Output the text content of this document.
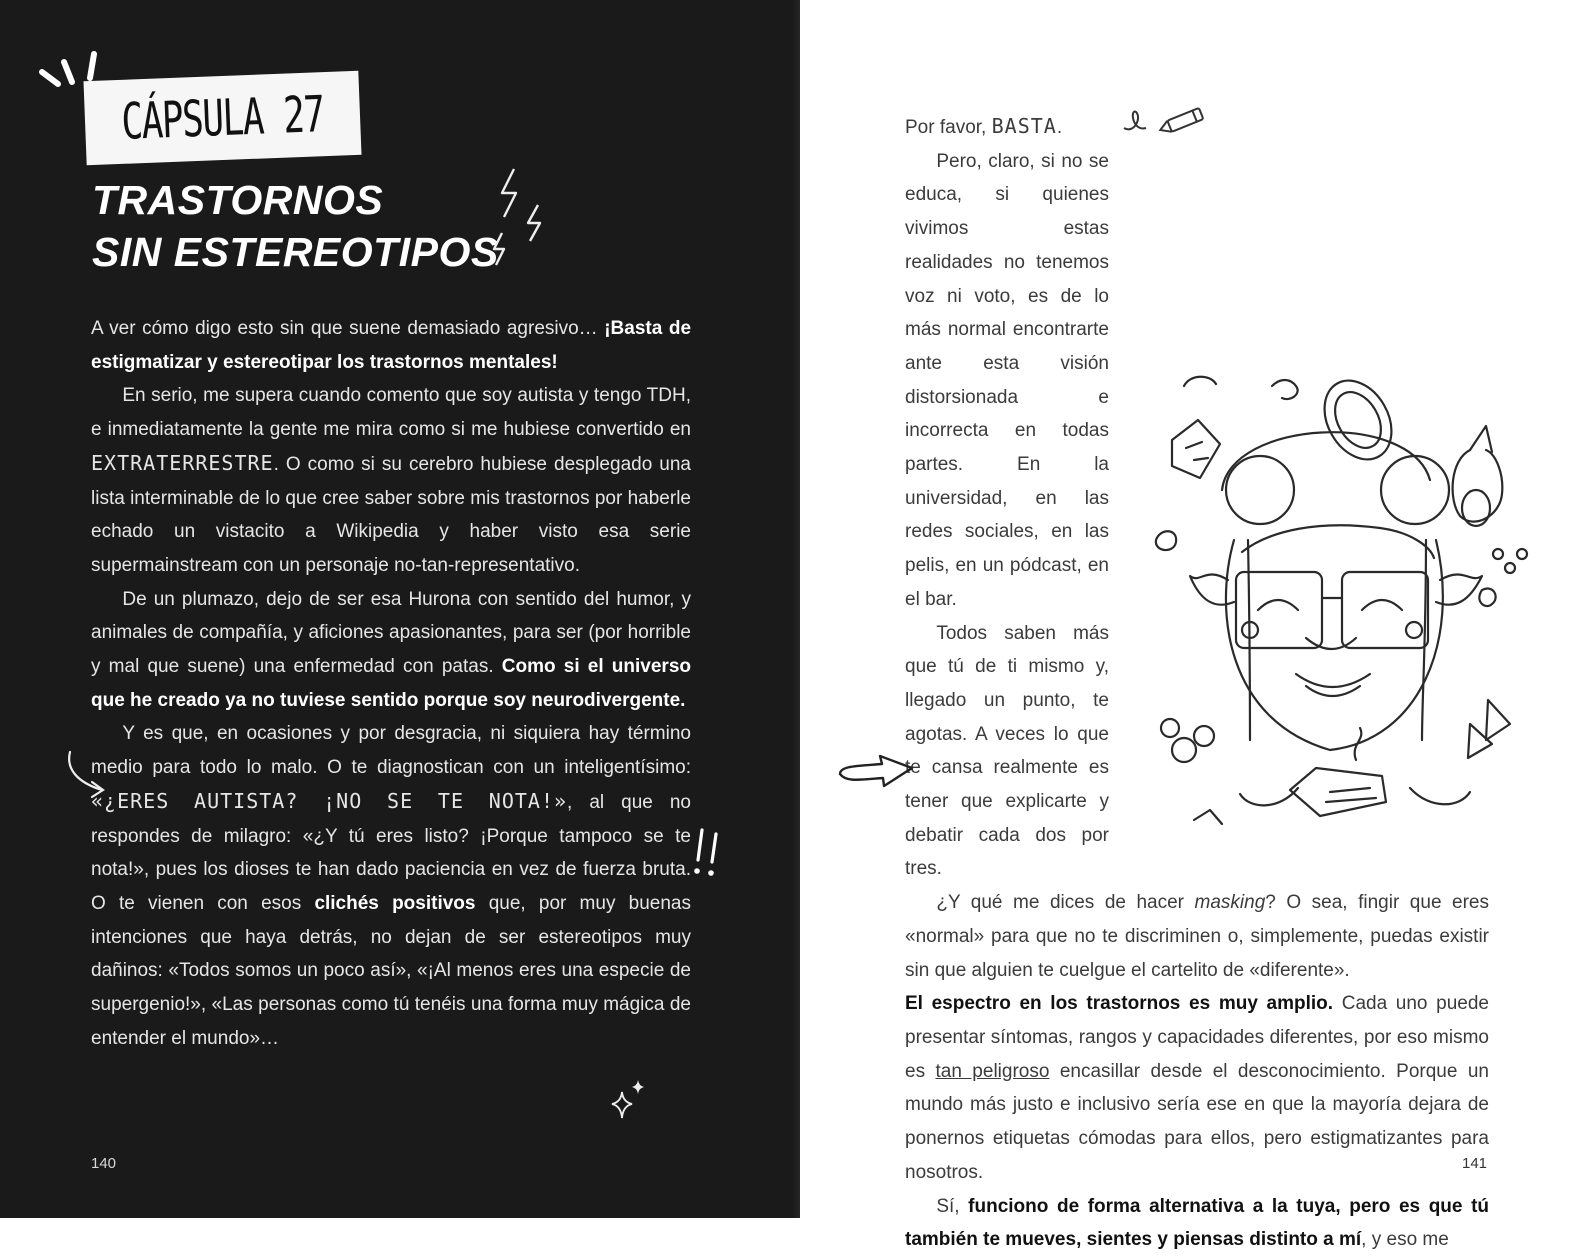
CÁPSULA 27
TRASTORNOS
SIN ESTEREOTIPOS

A ver cómo digo esto sin que suene demasiado agresivo… ¡Basta de estigmatizar y estereotipar los trastornos mentales!

En serio, me supera cuando comento que soy autista y tengo TDH, e inmediatamente la gente me mira como si me hubiese convertido en EXTRATERRESTRE. O como si su cerebro hubiese desplegado una lista interminable de lo que cree saber sobre mis trastornos por haberle echado un vistacito a Wikipedia y haber visto esa serie supermainstream con un personaje no-tan-representativo.

De un plumazo, dejo de ser esa Hurona con sentido del humor, y animales de compañía, y aficiones apasionantes, para ser (por horrible y mal que suene) una enfermedad con patas. Como si el universo que he creado ya no tuviese sentido porque soy neurodivergente.

Y es que, en ocasiones y por desgracia, ni siquiera hay término medio para todo lo malo. O te diagnostican con un inteligentísimo: «¿ERES AUTISTA? ¡NO SE TE NOTA!», al que no respondes de milagro: «¿Y tú eres listo? ¡Porque tampoco se te nota!», pues los dioses te han dado paciencia en vez de fuerza bruta. O te vienen con esos clichés positivos que, por muy buenas intenciones que haya detrás, no dejan de ser estereotipos muy dañinos: «Todos somos un poco así», «¡Al menos eres una especie de supergenio!», «Las personas como tú tenéis una forma muy mágica de entender el mundo»…

140

Por favor, BASTA.

Pero, claro, si no se educa, si quienes vivimos estas realidades no tenemos voz ni voto, es de lo más normal encontrarte ante esta visión distorsionada e incorrecta en todas partes. En la universidad, en las redes sociales, en las pelis, en un pódcast, en el bar.

Todos saben más que tú de ti mismo y, llegado un punto, te agotas. A veces lo que te cansa realmente es tener que explicarte y debatir cada dos por tres.

¿Y qué me dices de hacer masking? O sea, fingir que eres «normal» para que no te discriminen o, simplemente, puedas existir sin que alguien te cuelgue el cartelito de «diferente».

El espectro en los trastornos es muy amplio. Cada uno puede presentar síntomas, rangos y capacidades diferentes, por eso mismo es tan peligroso encasillar desde el desconocimiento. Porque un mundo más justo e inclusivo sería ese en que la mayoría dejara de ponernos etiquetas cómodas para ellos, pero estigmatizantes para nosotros.

Sí, funciono de forma alternativa a la tuya, pero es que tú también te mueves, sientes y piensas distinto a mí, y eso me

141
